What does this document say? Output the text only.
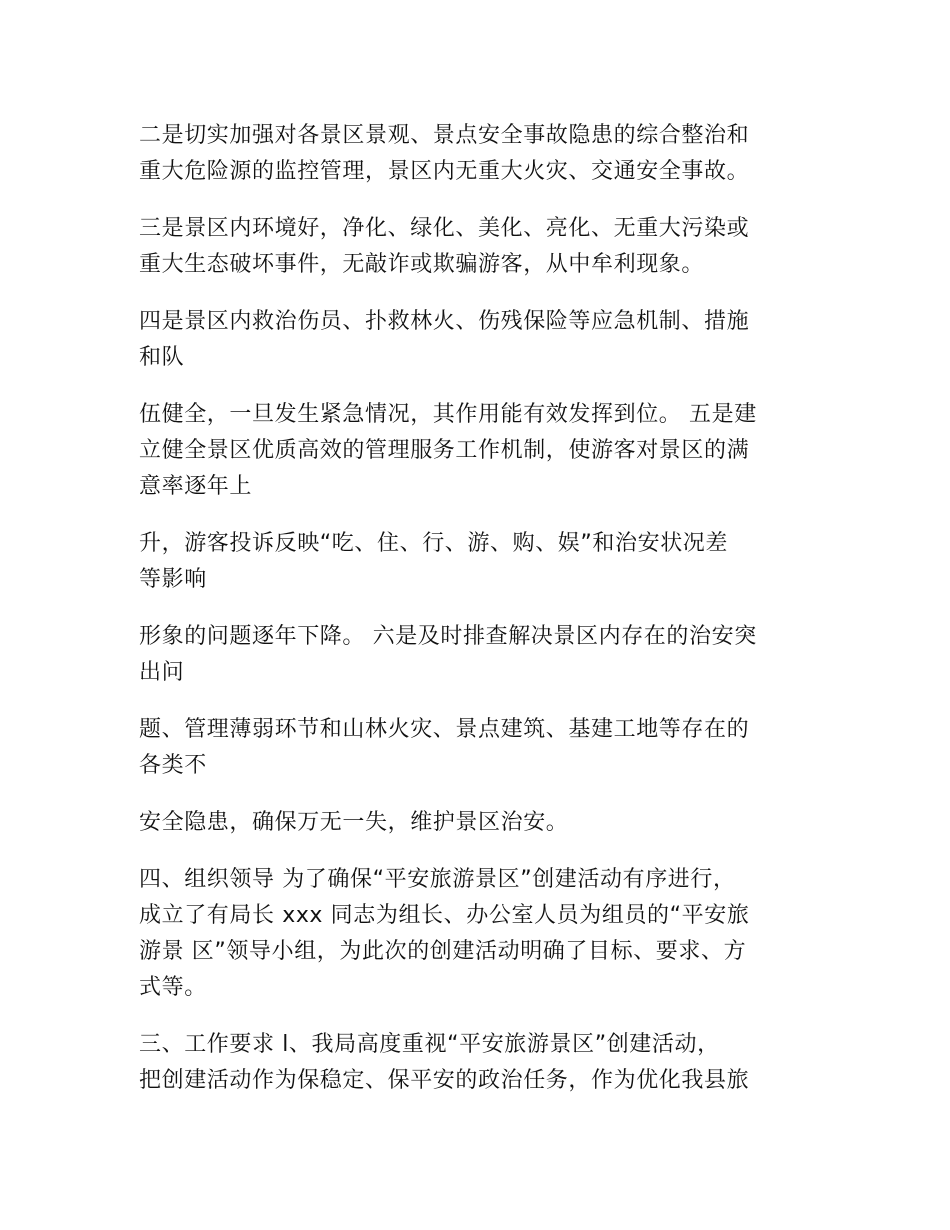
二是切实加强对各景区景观、景点安全事故隐患的综合整治和
重大危险源的监控管理，景区内无重大火灾、交通安全事故。
三是景区内环境好，净化、绿化、美化、亮化、无重大污染或
重大生态破坏事件，无敲诈或欺骗游客，从中牟利现象。
四是景区内救治伤员、扑救林火、伤残保险等应急机制、措施
和队
伍健全，一旦发生紧急情况，其作用能有效发挥到位。 五是建
立健全景区优质高效的管理服务工作机制，使游客对景区的满
意率逐年上
升，游客投诉反映“吃、住、行、游、购、娱”和治安状况差
等影响
形象的问题逐年下降。 六是及时排查解决景区内存在的治安突
出问
题、管理薄弱环节和山林火灾、景点建筑、基建工地等存在的
各类不
安全隐患，确保万无一失，维护景区治安。
四、组织领导 为了确保“平安旅游景区”创建活动有序进行，
成立了有局长 xxx 同志为组长、办公室人员为组员的“平安旅
游景 区”领导小组，为此次的创建活动明确了目标、要求、方
式等。
三、工作要求 l、我局高度重视“平安旅游景区”创建活动，
把创建活动作为保稳定、保平安的政治任务，作为优化我县旅
